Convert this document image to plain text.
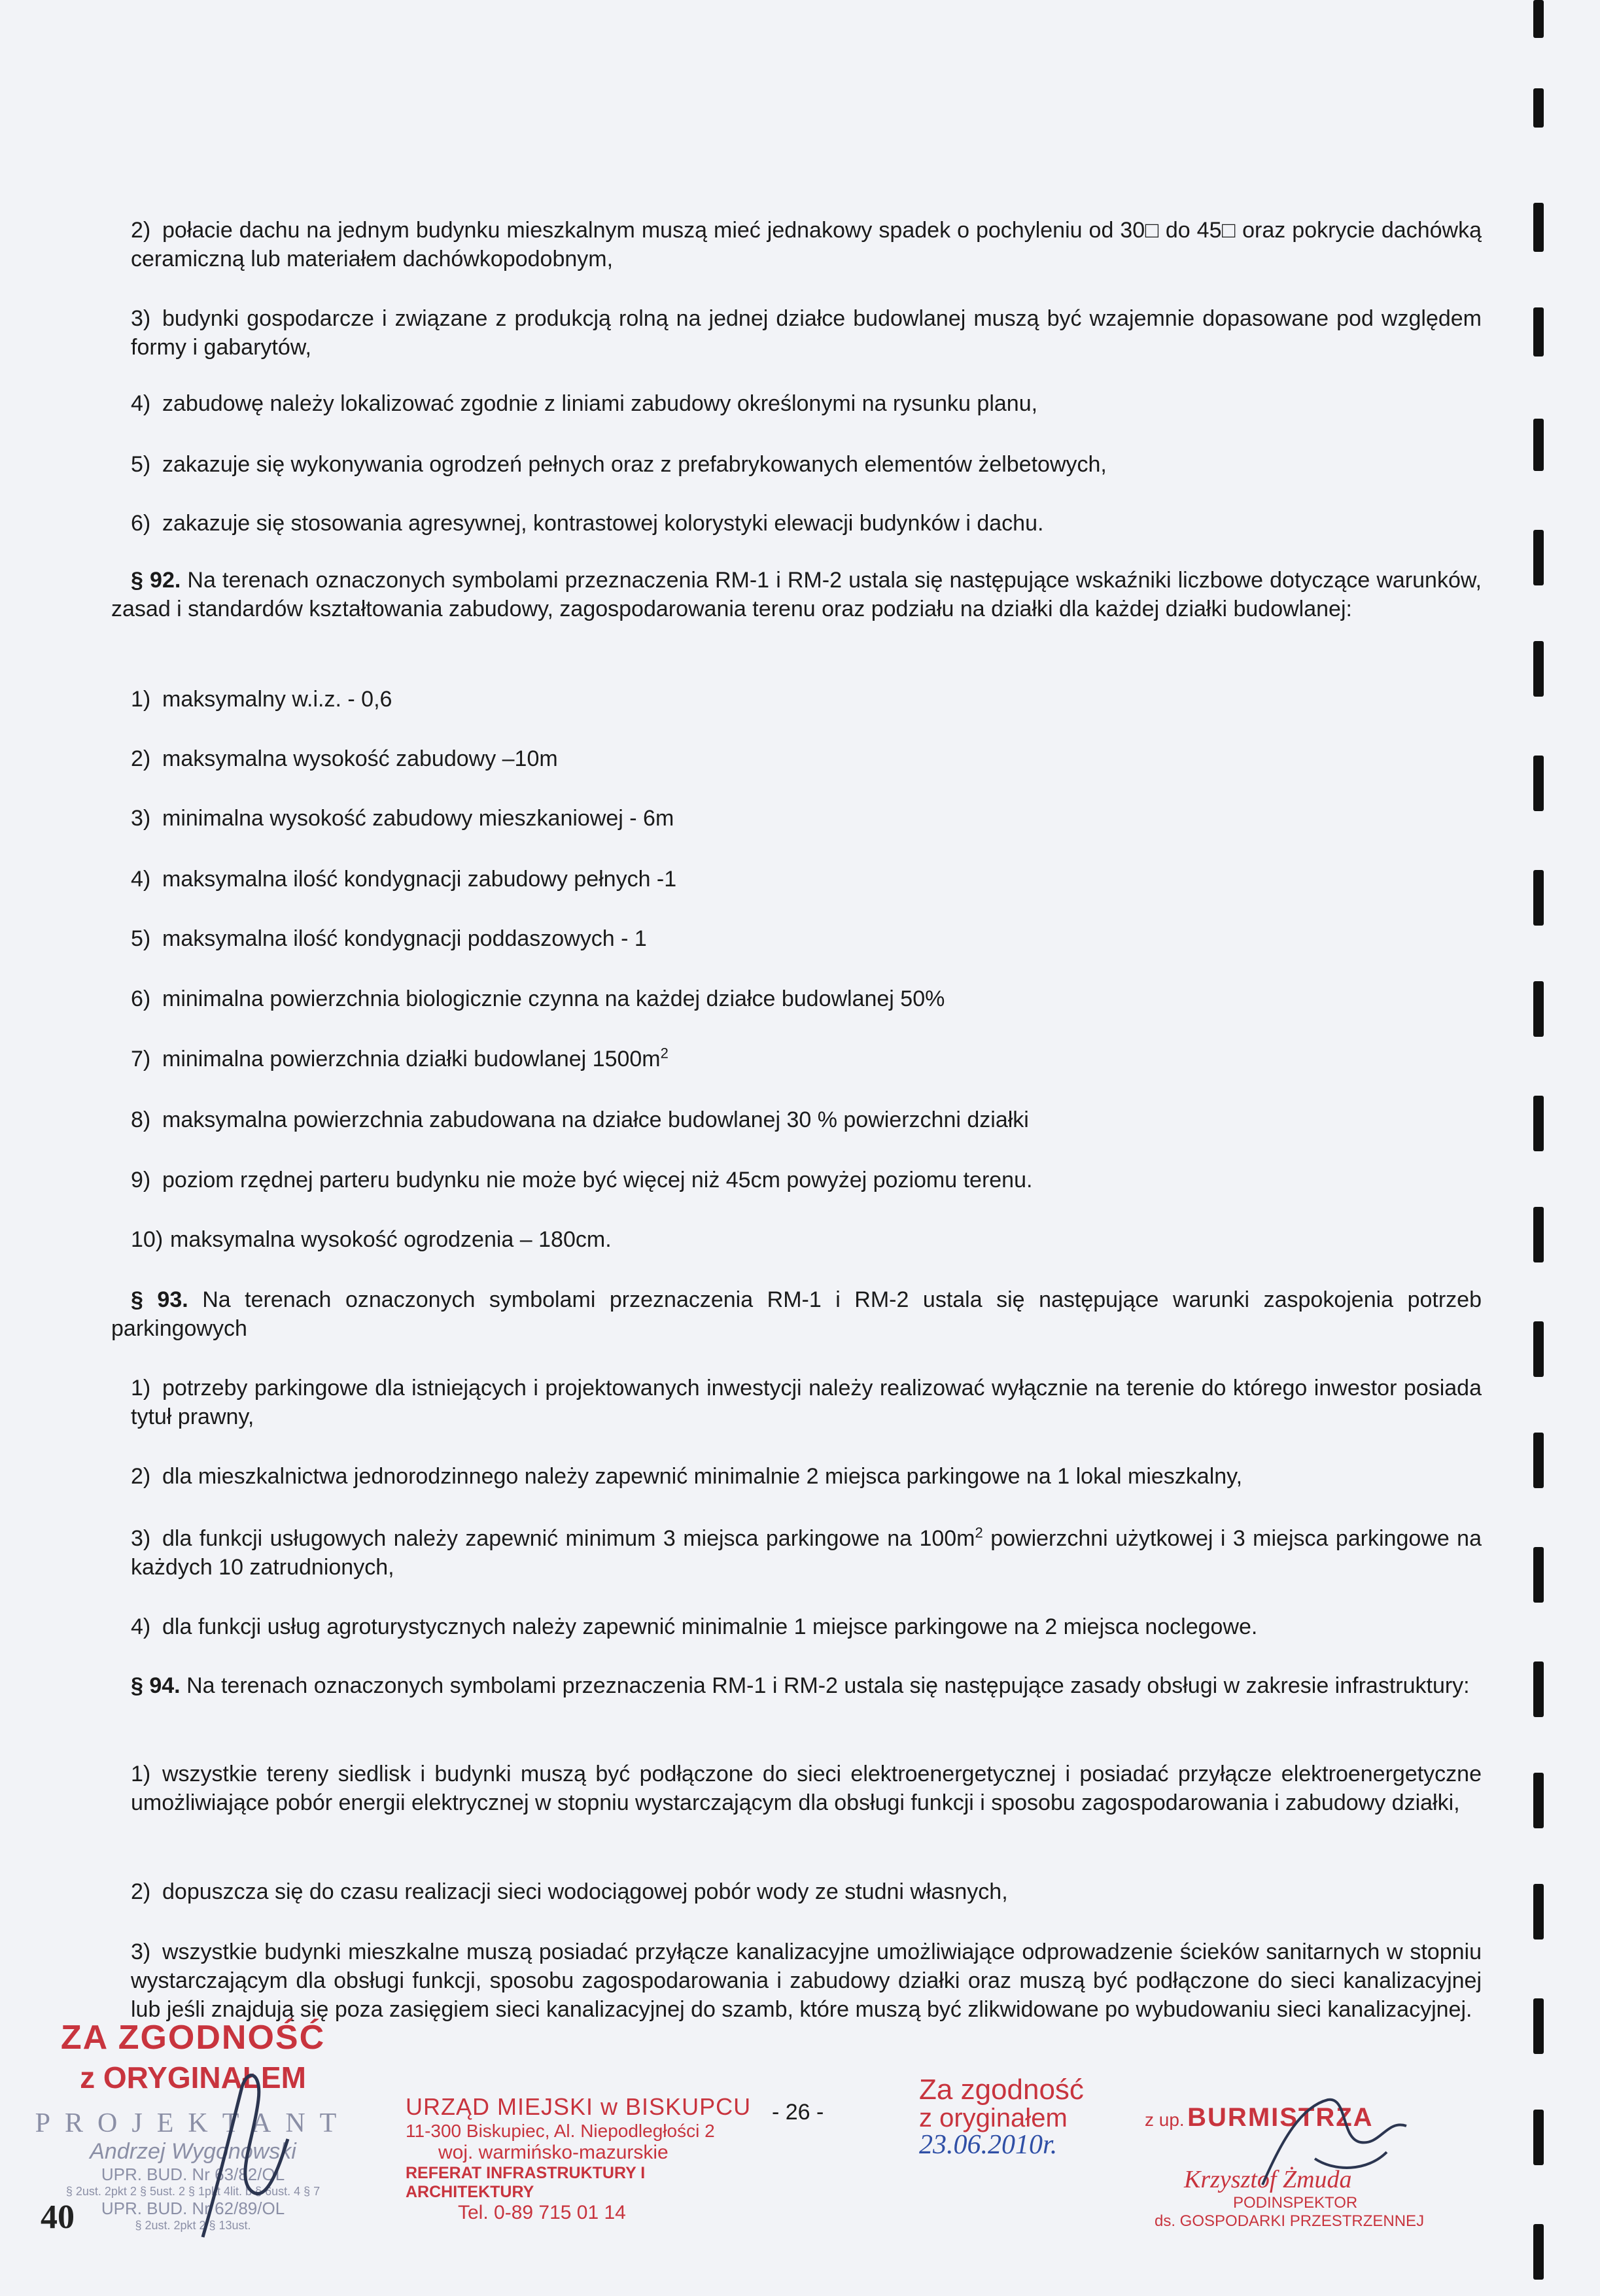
2) połacie dachu na jednym budynku mieszkalnym muszą mieć jednakowy spadek o pochyleniu od 30□ do 45□ oraz pokrycie dachówką ceramiczną lub materiałem dachówkopodobnym,
3) budynki gospodarcze i związane z produkcją rolną na jednej działce budowlanej muszą być wzajemnie dopasowane pod względem formy i gabarytów,
4) zabudowę należy lokalizować zgodnie z liniami zabudowy określonymi na rysunku planu,
5) zakazuje się wykonywania ogrodzeń pełnych oraz z prefabrykowanych elementów żelbetowych,
6) zakazuje się stosowania agresywnej, kontrastowej kolorystyki elewacji budynków i dachu.

§ 92. Na terenach oznaczonych symbolami przeznaczenia RM-1 i RM-2 ustala się następujące wskaźniki liczbowe dotyczące warunków, zasad i standardów kształtowania zabudowy, zagospodarowania terenu oraz podziału na działki dla każdej działki budowlanej:

1) maksymalny w.i.z. - 0,6
2) maksymalna wysokość zabudowy –10m
3) minimalna wysokość zabudowy mieszkaniowej - 6m
4) maksymalna ilość kondygnacji zabudowy pełnych -1
5) maksymalna ilość kondygnacji poddaszowych - 1
6) minimalna powierzchnia biologicznie czynna na każdej działce budowlanej 50%
7) minimalna powierzchnia działki budowlanej $1500m^2$
8) maksymalna powierzchnia zabudowana na działce budowlanej 30 % powierzchni działki
9) poziom rzędnej parteru budynku nie może być więcej niż 45cm powyżej poziomu terenu.
10) maksymalna wysokość ogrodzenia – 180cm.

§ 93. Na terenach oznaczonych symbolami przeznaczenia RM-1 i RM-2 ustala się następujące warunki zaspokojenia potrzeb parkingowych

1) potrzeby parkingowe dla istniejących i projektowanych inwestycji należy realizować wyłącznie na terenie do którego inwestor posiada tytuł prawny,
2) dla mieszkalnictwa jednorodzinnego należy zapewnić minimalnie 2 miejsca parkingowe na 1 lokal mieszkalny,
3) dla funkcji usługowych należy zapewnić minimum 3 miejsca parkingowe na $100m^2$ powierzchni użytkowej i 3 miejsca parkingowe na każdych 10 zatrudnionych,
4) dla funkcji usług agroturystycznych należy zapewnić minimalnie 1 miejsce parkingowe na 2 miejsca noclegowe.

§ 94. Na terenach oznaczonych symbolami przeznaczenia RM-1 i RM-2 ustala się następujące zasady obsługi w zakresie infrastruktury:

1) wszystkie tereny siedlisk i budynki muszą być podłączone do sieci elektroenergetycznej i posiadać przyłącze elektroenergetyczne umożliwiające pobór energii elektrycznej w stopniu wystarczającym dla obsługi funkcji i sposobu zagospodarowania i zabudowy działki,
2) dopuszcza się do czasu realizacji sieci wodociągowej pobór wody ze studni własnych,
3) wszystkie budynki mieszkalne muszą posiadać przyłącze kanalizacyjne umożliwiające odprowadzenie ścieków sanitarnych w stopniu wystarczającym dla obsługi funkcji, sposobu zagospodarowania i zabudowy działki oraz muszą być podłączone do sieci kanalizacyjnej lub jeśli znajdują się poza zasięgiem sieci kanalizacyjnej do szamb, które muszą być zlikwidowane po wybudowaniu sieci kanalizacyjnej.
- 26 -
ZA ZGODNOŚĆ
z ORYGINAŁEM
PROJEKTANT
Andrzej Wygonowski
UPR. BUD. Nr 63/82/OL
§ 2ust. 2pkt 2 § 5ust. 2 § 1pkt 4lit. b § 6ust. 4 § 7
UPR. BUD. Nr 62/89/OL
§ 2ust. 2pkt 2 § 13ust.
40
URZĄD MIEJSKI w BISKUPCU
11-300 Biskupiec, Al. Niepodległości 2
woj. warmińsko-mazurskie
REFERAT INFRASTRUKTURY I ARCHITEKTURY
Tel. 0-89 715 01 14
Za zgodność
z oryginałem
23.06.2010r.
z up. BURMISTRZA
Krzysztof Żmuda
PODINSPEKTOR
ds. GOSPODARKI PRZESTRZENNEJ
